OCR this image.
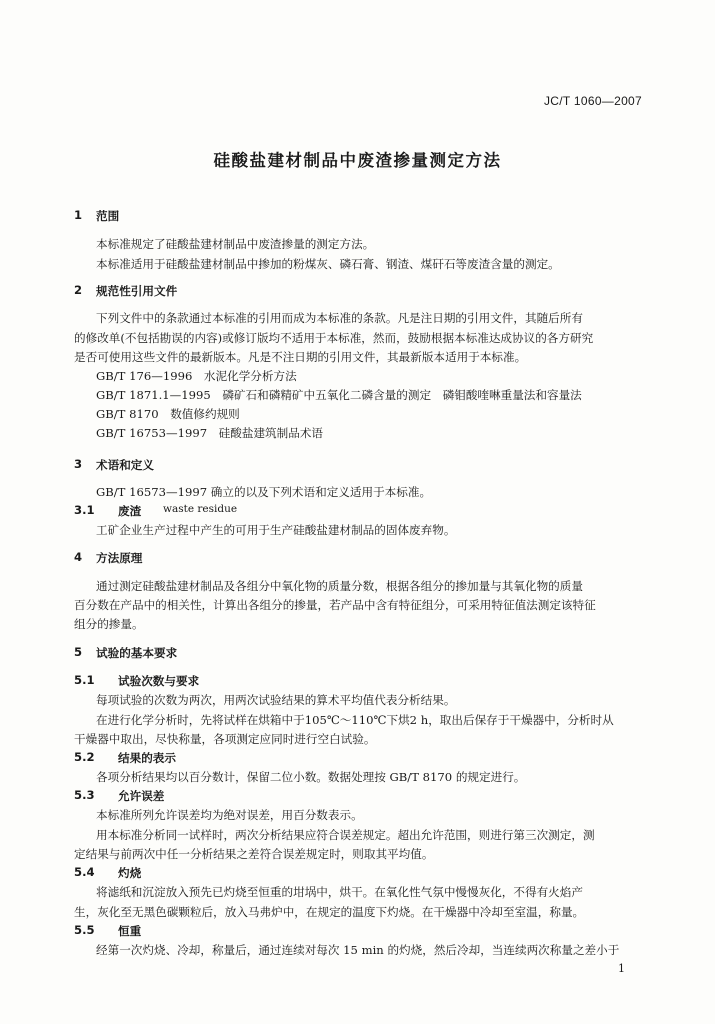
JC/T 1060—2007
硅酸盐建材制品中废渣掺量测定方法
1 范围
本标准规定了硅酸盐建材制品中废渣掺量的测定方法。
本标准适用于硅酸盐建材制品中掺加的粉煤灰、磷石膏、钢渣、煤矸石等废渣含量的测定。
2 规范性引用文件
下列文件中的条款通过本标准的引用而成为本标准的条款。凡是注日期的引用文件，其随后所有
的修改单(不包括勘误的内容)或修订版均不适用于本标准，然而，鼓励根据本标准达成协议的各方研究
是否可使用这些文件的最新版本。凡是不注日期的引用文件，其最新版本适用于本标准。
GB/T 176—1996　水泥化学分析方法
GB/T 1871.1—1995　磷矿石和磷精矿中五氧化二磷含量的测定　磷钼酸喹啉重量法和容量法
GB/T 8170　数值修约规则
GB/T 16753—1997　硅酸盐建筑制品术语
3 术语和定义
GB/T 16573—1997 确立的以及下列术语和定义适用于本标准。
3.1 废渣 waste residue
工矿企业生产过程中产生的可用于生产硅酸盐建材制品的固体废弃物。
4 方法原理
通过测定硅酸盐建材制品及各组分中氧化物的质量分数，根据各组分的掺加量与其氧化物的质量
百分数在产品中的相关性，计算出各组分的掺量，若产品中含有特征组分，可采用特征值法测定该特征
组分的掺量。
5 试验的基本要求
5.1 试验次数与要求
每项试验的次数为两次，用两次试验结果的算术平均值代表分析结果。
在进行化学分析时，先将试样在烘箱中于105℃～110℃下烘2 h，取出后保存于干燥器中，分析时从
干燥器中取出，尽快称量，各项测定应同时进行空白试验。
5.2 结果的表示
各项分析结果均以百分数计，保留二位小数。数据处理按 GB/T 8170 的规定进行。
5.3 允许误差
本标准所列允许误差均为绝对误差，用百分数表示。
用本标准分析同一试样时，两次分析结果应符合误差规定。超出允许范围，则进行第三次测定，测
定结果与前两次中任一分析结果之差符合误差规定时，则取其平均值。
5.4 灼烧
将滤纸和沉淀放入预先已灼烧至恒重的坩埚中，烘干。在氧化性气氛中慢慢灰化，不得有火焰产
生，灰化至无黑色碳颗粒后，放入马弗炉中，在规定的温度下灼烧。在干燥器中冷却至室温，称量。
5.5 恒重
经第一次灼烧、冷却，称量后，通过连续对每次 15 min 的灼烧，然后冷却，当连续两次称量之差小于
1
